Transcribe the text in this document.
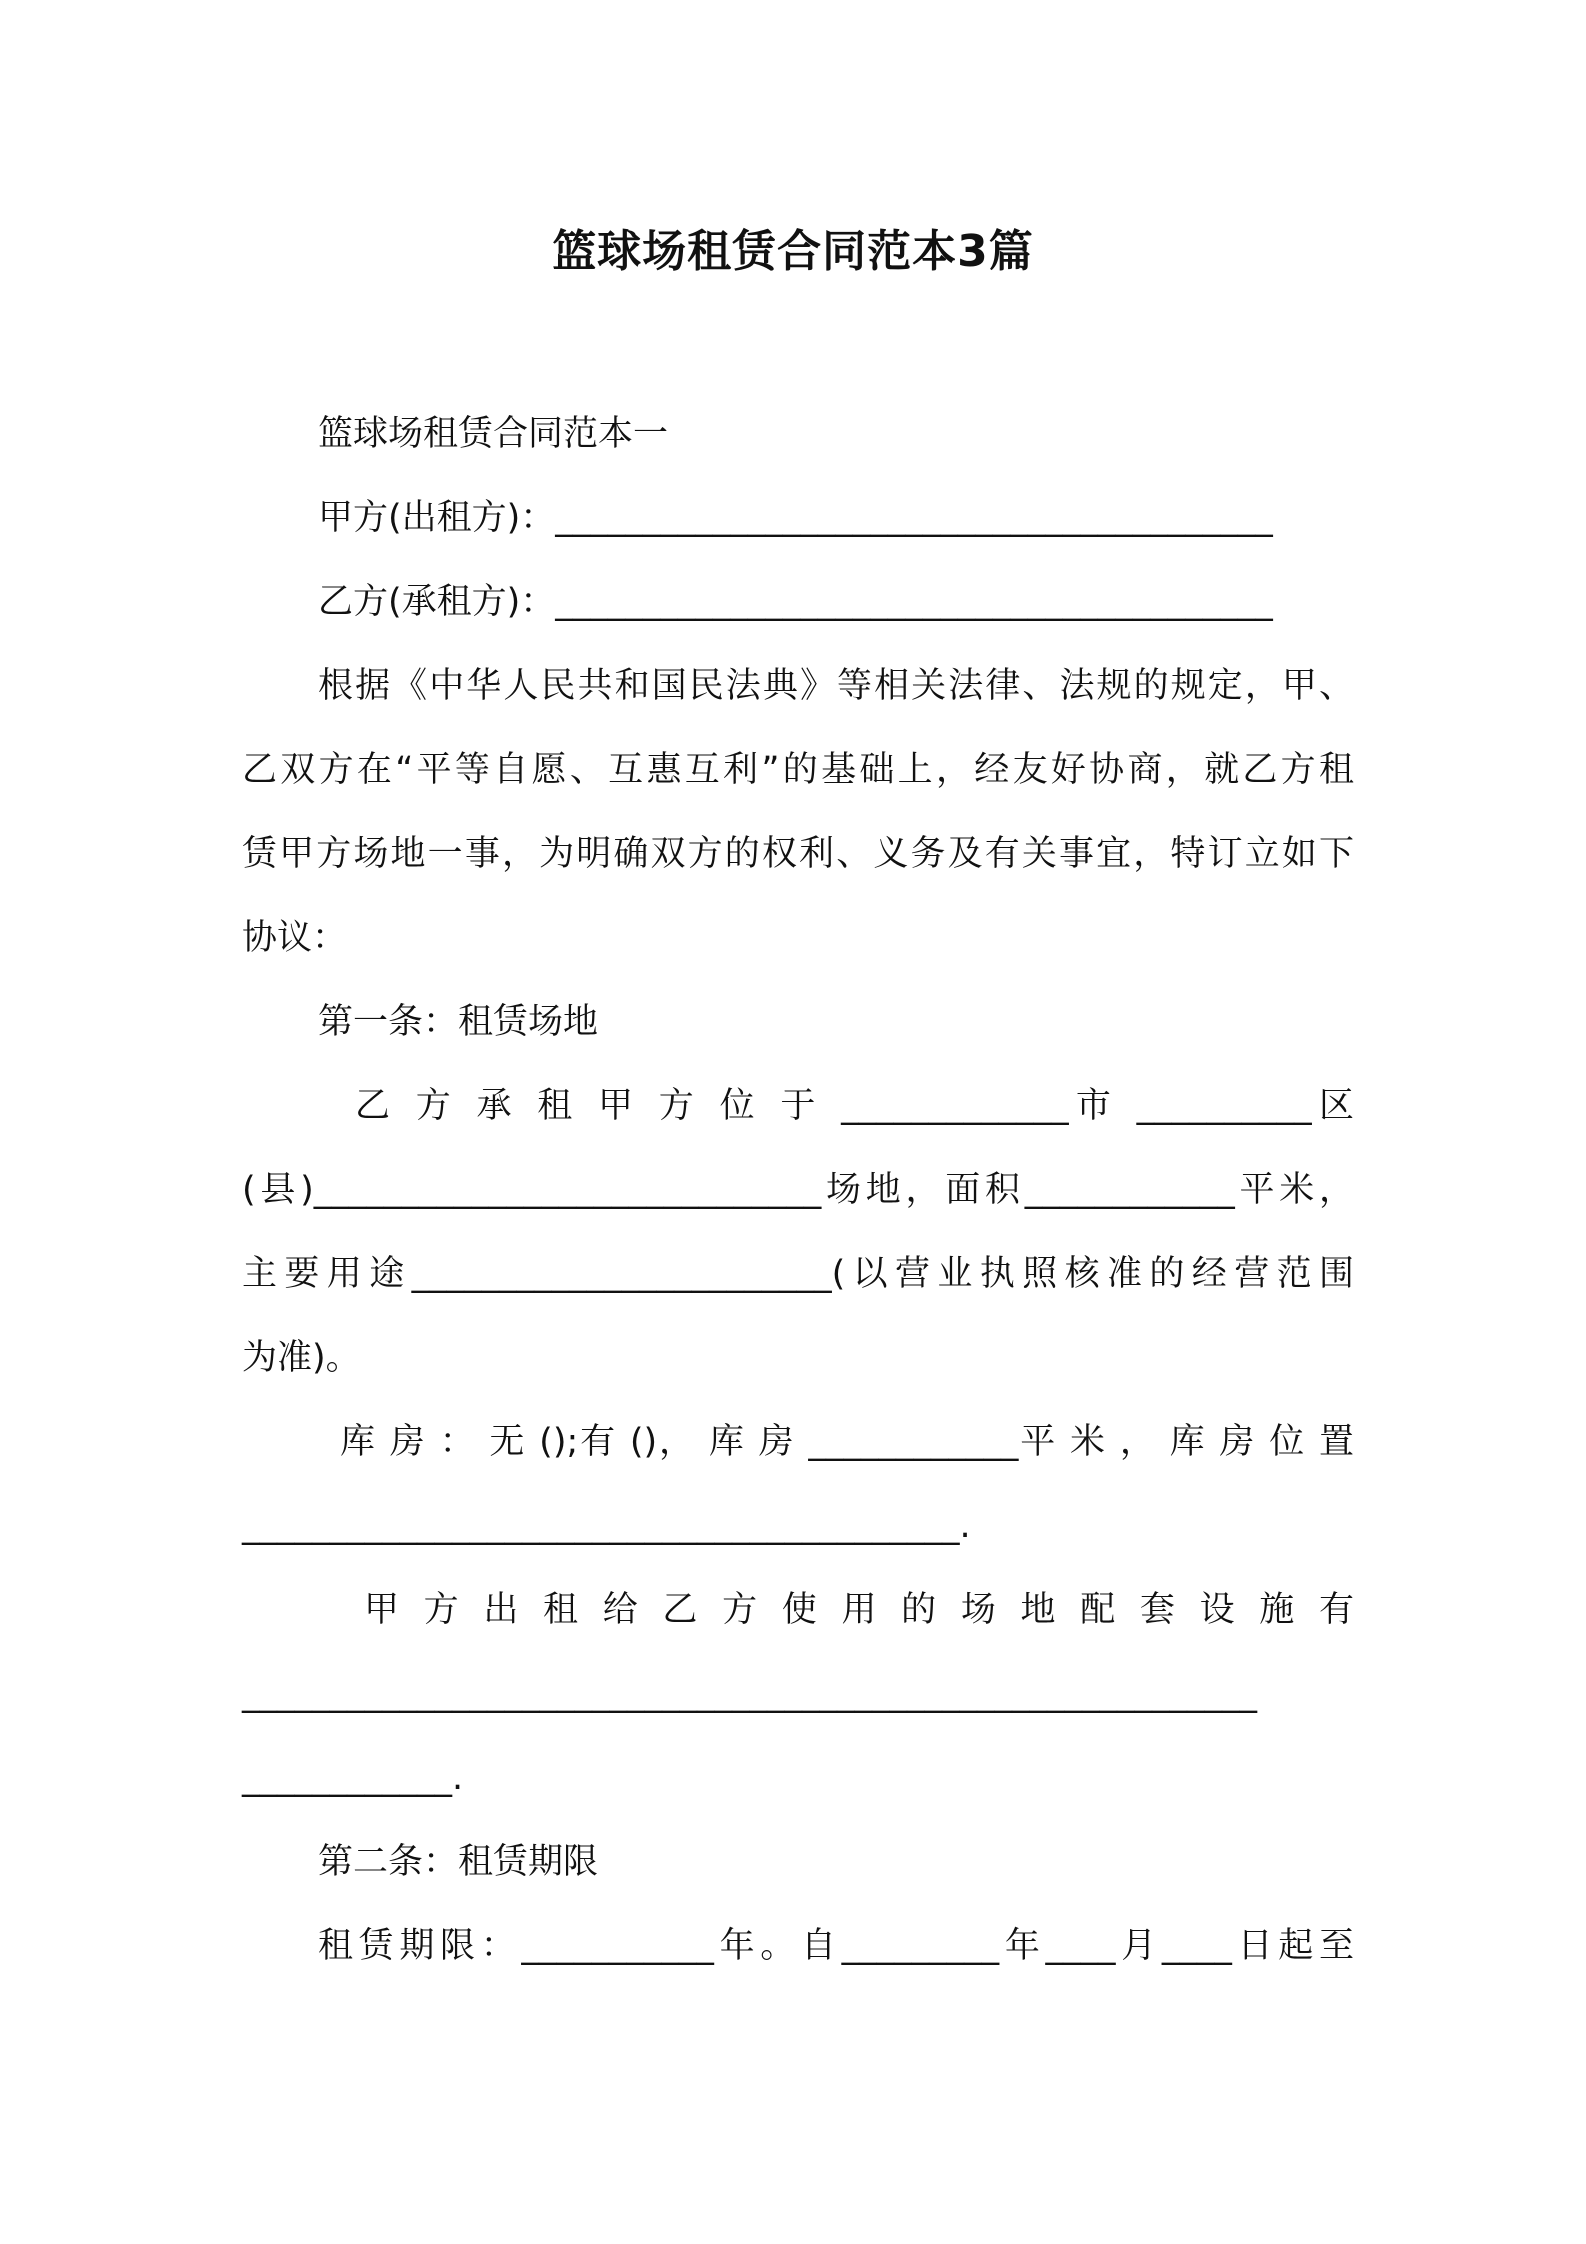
篮球场租赁合同范本3篇
篮球场租赁合同范本一
甲方(出租方)：_________________________________________
乙方(承租方)：_________________________________________
根据《中华人民共和国民法典》等相关法律、法规的规定，甲、
乙双方在“平等自愿、互惠互利”的基础上，经友好协商，就乙方租
赁甲方场地一事，为明确双方的权利、义务及有关事宜，特订立如下
协议：
第一条：租赁场地
乙 方 承 租 甲 方 位 于 _____________市 __________区
(县)_____________________________场地，面积____________平米，
主要用途________________________(以营业执照核准的经营范围
为准)。
库 房 ： 无 ();有 ()， 库 房 ____________平 米 ， 库 房 位 置
_________________________________________.
甲 方 出 租 给 乙 方 使 用 的 场 地 配 套 设 施 有
__________________________________________________________
____________.
第二条：租赁期限
租赁期限：___________年。自_________年____月____日起至
